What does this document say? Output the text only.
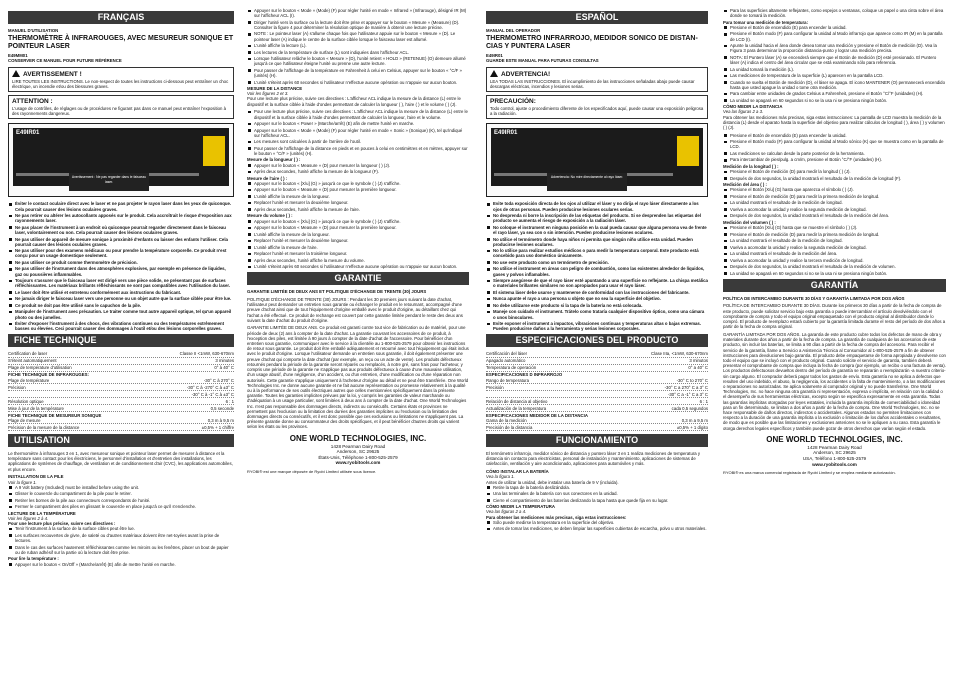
FRANÇAIS
MANUEL D'UTILISATION
THERMOMÈTRE À INFRAROUGES, AVEC MESUREUR SONIQUE ET POINTEUR LASER
E49MM01
CONSERVER CE MANUEL POUR FUTURE RÉFÉRENCE
AVERTISSEMENT !
LIRE TOUTES LES INSTRUCTIONS. Le non-respect de toutes les instructions ci-dessous peut entraîner un choc électrique, un incendie et/ou des blessures graves.
ATTENTION :
L'usage de contrôles, de réglages ou de procédures ne figurant pas dans ce manuel peut entraîner l'exposition à des rayonnements dangereux.
E49IR01
Avertissement : Ne pas regarder dans le faisceau laser.
Éviter le contact oculaire direct avec le laser et ne pas projeter le rayon laser dans les yeux de quiconque. Cela pourrait causer des lésions oculaires graves.
Ne pas retirer ou altérer les autocollants apposés sur le produit. Cela accroîtrait le risque d'exposition aux rayonnements laser.
Ne pas placer de l'instrument à un endroit où quiconque pourrait regarder directement dans le faisceau laser, volontairement ou non. Cela pourrait causer des lésions oculaires graves.
Ne pas utiliser de appareil de mesure sonique à proximité d'enfants ou laisser des enfants l'utiliser. Cela pourrait causer des lésions oculaires graves.
Ne pas utiliser pour des examens médicaux ou pour prendre la température corporelle. Ce produit n'est conçu pour un usage domestique seulement.
Ne pas utiliser ce produit comme thermomètre de précision.
Ne pas utiliser de l'instrument dans des atmosphères explosives, par exemple en présence de liquides, gaz ou poussières inflammables.
Toujours s'assurer que le faisceau laser est dirigé vers une pièce solide, ne présentant pas de surfaces réfléchissantes. Les matériaux brillants réfléchissants ne sont pas compatibles avec l'utilisation du laser.
Le laser doit être utilisé et entretenu conformément aux instructions du fabricant.
Ne jamais diriger le faisceau laser vers une personne ou un objet autre que la surface ciblée pour être lue.
Ce produit ne doit pas être utilisé sans le capuchon de la pile.
Manipuler de l'instrument avec précaution. Le traiter comme tout autre appareil optique, tel qu'un appareil photo ou des jumelles.
Éviter d'exposer l'instrument à des chocs, des vibrations continues ou des températures extrêmement basses ou élevées. Ceci pourrait causer des dommages à l'outil et/ou des lésions corporelles graves.
FICHE TECHNIQUE
Certification de laser	Classe II <1mW, 630-670nm
S'éteint automatiquement	3 minutes
Plage de température d'utilisation	0° à 40° C
FICHE TECHNIQUE DE INFRAROUGES:
Plage de température	-30° C à 270° C
Précision	-30° C à -270° C à ±3° C
-30° C à -1° C à ±3° C
Résolution optique	6 : 1
Mise à jour de la température	0,5 seconde
FICHE TECHNIQUE DE MESUREUR SONIQUE
Plage de mesure	0,3 m à 9,5 m
Précision de la mesure de la distance	±0,5% + 1 chiffre
UTILISATION
Le thermomètre à infrarouges 3 en 1, avec mesureur sonique et pointeur laser permet de mesurer à distance et la température sans contact pour les électriciens, le personnel d'installation et d'entretien des installations, les applications de systèmes de chauffage, de ventilation et de conditionnement d'air (CVC), les applications automobiles, et plus encore.
INSTALLATION DE LA PILE
Voir la figure 1.
A 9 Volt battery (Included) must be installed before using the unit.
Glisser le couvercle du compartiment de la pile pour le retirer.
Retirer les bornes de la pile aux connecteurs correspondants de l'unité.
Fermer le compartiment des piles en glissant le couvercle en place jusqu'à ce qu'il s'enclenche.
LECTURE DE LA TEMPÉRATURE
Voir les figures 2 à 4.
Pour une lecture plus précise, suivre ces directives :
Tenir l'instrument à la surface de la surface cibles peut être lue.
Les surfaces recouvertes de givre, de saleté ou d'autres matériaux doivent être net-toyées avant la prise de lectures.
Dans le cas des surfaces hautement réfléchissantes comme les miroirs ou les fenêtres, placer un bout de papier ou de ruban adhésif sur la partie où la lecture doit être prise.
Pour lire la température :
Appuyer sur le bouton « On/Off » (Marche/arrêt) (E) afin de mettre l'unité en marche.
Appuyer sur le bouton « Mode » (Mode) (F) pour régler l'unité en mode « Infrared » (Infrarouge), désigné IR (M) sur l'afficheur ACL (I).
Diriger l'unité vers la surface ou la lecture doit être prise et appuyer sur le bouton « Mesure » (Measure) (D). Consulter la figure 4 pour déterminer la résolution optique de manière à obtenir une lecture précise.
NOTE : Le pointeur laser (A) s'allume chaque fois que l'utilisateur appuie sur le bouton « Mesure » (D). Le pointeur laser (A) indique le centre de la surface ciblée lorsque le faisceau laser est allumé.
L'unité affiche la lecture (L).
Les lectures de la température de surface (L) sont indiquées dans l'afficheur ACL.
Lorsque l'utilisateur relâche le bouton « Mesure » (D), l'unité retient « HOLD » (RETENUE) (O) demeure allumé jusqu'à ce que l'utilisateur éteigne l'unité ou prenne une autre lecture.
Pour passer de l'affichage de la température en Fahrenheit à celui en Celsius, appuyer sur le bouton « °C/F » (unités) (H).
L'unité s'éteint après 60 secondes si l'utilisateur n'effectue aucune opération ou n'appuie sur aucun bouton.
MESURE DE LA DISTANCE
Voir les figures 2 et 3.
Pour une lecture plus précise, suivre ces directives : L'afficheur ACL indique la mesure de la distance (L) entre le dispositif et la surface ciblée à l'aide d'ondes permettant de calculer la longueur ( ), l'aire ( ) et le volume ( ) (J).
Pour une lecture plus précise, suivre ces directives : L'afficheur ACL indique la mesure de la distance (L) entre le dispositif et la surface ciblée à l'aide d'ondes permettant de calculer la longueur, l'aire et le volume.
Appuyer sur le bouton « Power » (Marche/arrêt) (E) afin de mettre l'unité en marche.
Appuyer sur le bouton « Mode » (Mode) (F) pour régler l'unité en mode « Sonic » (Sonique) (K), tel qu'indiqué sur l'afficheur ACL.
Les mesures sont calculées à partir de l'arrière de l'outil.
Pour passer de l'affichage de la distance en pieds et en pouces à celui en centimètres et en mètres, appuyer sur le bouton « °C/F » (unités) (H).
Mesure de la longueur ( ) :
Appuyer sur le bouton « Measure » (D) pour mesurer la longueur ( ) (J).
Après deux secondes, l'unité affiche la mesure de la longueur (F).
Mesure de l'aire ( ) :
Appuyer sur le bouton « [X/u] (G) » jusqu'à ce que le symbole ( ) (J) s'affiche.
Appuyer sur le bouton « Measure » (D) pour mesurer la première longueur.
L'unité affiche la mesure de la longueur.
Replacer l'unité et mesurer la deuxième longueur.
Après deux secondes, l'unité affiche la mesure de l'aire.
Mesure du volume ( ) :
Appuyer sur le bouton « [X/u] (G) » jusqu'à ce que le symbole ( ) (J) s'affiche.
Appuyer sur le bouton « Measure » (D) pour mesurer la première longueur.
L'unité affiche la mesure de la longueur.
Replacer l'unité et mesurer la deuxième longueur.
L'unité affiche la mesure de l'aire.
Replacer l'unité et mesurer la troisième longueur.
Après deux secondes, l'unité affiche la mesure du volume.
L'unité s'éteint après 60 secondes si l'utilisateur n'effectue aucune opération ou n'appuie sur aucun bouton.
GARANTIE
GARANTIE LIMITÉE DE DEUX ANS ET POLITIQUE D'ÉCHANGE DE TRENTE (30) JOURS
POLITIQUE D'ÉCHANGE DE TRENTE (30) JOURS : Pendant les 30 premiers jours suivant la date d'achat, l'utilisateur peut demander un entretien sous garantie ou échanger le produit en le retournant, accompagné d'une preuve d'achat ainsi que de tout l'équipement d'origine emballé avec le produit d'origine, au détaillant chez qui l'achat a été effectué. Ce produit de rechange est couvert par cette garantie limitée pendant le reste des deux ans suivant la date d'achat du produit d'origine.
GARANTIE LIMITÉE DE DEUX ANS. Ce produit est garanti contre tout vice de fabrication ou de matériel, pour une période de deux (2) ans à compter de la date d'achat. La garantie couvrant les accessoires de ce produit, à l'exception des piles, est limitée à 90 jours à compter de la date d'achat de l'accessoire. Pour bénéficier d'un entretien sous garantie, communiquer avec le service à la clientèle au 1-800-525-2579 pour obtenir les instructions de retour sous garantie. Le produit doit être emballé adéquatement et retourné avec tout l'équipement qui était inclus avec le produit d'origine. Lorsque l'utilisateur demande un entretien sous garantie, il doit également présenter une preuve d'achat qui comporte la date d'achat (par exemple, un reçu ou un acte de vente). Les produits défectueux retournés pendant la période de la garantie seront réparés ou remplacés, à notre gré, sans frais pour l'acheteur, y compris une période de la garantie ne s'applique pas aux produits défectueux à cause d'une mauvaise utilisation, d'un usage abusif, d'une négligence, d'un accident, ou d'un entretien, d'une modification ou d'une réparation non autorisés. Cette garantie s'applique uniquement à l'acheteur d'origine au détail et ne peut être transférée. One World Technologies Inc. ne donne aucune garantie et ne fait aucune représentation ou promesse relativement à la qualité ou à la performance de ses outils électriques autres que celles mentionnées spécifiquement dans la présente garantie. Toutes les garanties implicites prévues par la loi, y compris les garanties de valeur marchande ou d'adéquation à un usage particulier, sont limitées à deux ans à compter de la date d'achat. One World Technologies Inc. n'est pas responsable des dommages directs, indirects ou consécutifs. Certains états et provinces ne permettent pas l'exclusion ou la limitation des durées des garanties implicites ou l'exclusion ou la limitation des dommages directs ou consécutifs, et il est donc possible que ces exclusions ou limitations ne s'appliquent pas. La présente garantie donne au consommateur des droits spécifiques, et il peut bénéficier d'autres droits qui varient selon les états ou les provinces.
ONE WORLD TECHNOLOGIES, INC.
1428 Pearman Dairy Road
Anderson, SC 29625
États-Unis, Téléphone 1-800-525-2579
www.ryobitools.com
RYOBI® est une marque déposée de Ryobi Limited utilisée sous licence.
ESPAÑOL
MANUAL DEL OPERADOR
THERMOMETRO INFRARROJO, MEDIDOR SONICO DE DISTAN-CIAS Y PUNTERA LASER
E49IR01
GUARDE ESTE MANUAL PARA FUTURAS CONSULTAS
ADVERTENCIA!
LEA TODAS LAS INSTRUCCIONES. El incumplimiento de las instrucciones señaladas abajo puede causar descargas eléctricas, incendios y lesiones serias.
PRECAUCIÓN:
Todo control, ajuste o procedimiento diferente de los especificados aquí, puede causar una exposición peligrosa a la radiación.
E49IR01
Advertencia: No mire directamente al rayo láser.
Evite toda exposición directa de los ojos al utilizar el láser y no dirija el rayo láser directamente a los ojos de otras personas. Pueden producirse lesiones oculares serias.
No desprenda ni borre la inscripción de las etiquetas del producto. Si se desprenden las etiquetas del producto se aumenta el riesgo de exposición a la radiación láser.
No coloque el instrument en ninguna posición en la cual pueda causar que alguna persona vea de frente el rayo láser, ya sea con o sin intención. Pueden producirse lesiones oculares.
No utilice el termómetro donde haya niños ni permita que ningún niño utilice esta unidad. Pueden producirse lesiones oculares.
No lo utilice para realizar estudios médicos o para medir la temperatura corporal. Este producto está concebido para uso doméstico únicamente.
No use este producto como un termómetro de precisión.
No utilice el instrument en áreas con peligro de combustión, como las existentes alrededor de líquidos, gases y polvos inflamables.
Siempre asegúrese de que el rayo láser esté apuntando a una superficie no reflejante. La chispa metálica o materiales brillantes similares no son apropiados para usar el rayo láser.
El sistema láser debe usarse y mantenerse de conformidad con las instrucciones del fabricante.
Nunca apunte el rayo a una persona u objeto que no sea la superficie del objetivo.
No debe utilizarse este producto si la tapa de la batería no está colocada.
Maneje con cuidado el instrument. Trátelo como trataría cualquier dispositivo óptico, como una cámara o unos binoculares.
Evite exponer el instrument a impactos, vibraciones continuas y temperaturas altas o bajas extremas. Pueden producirse daños a la herramienta y serias lesiones corporales.
ESPECIFICACIONES DEL PRODUCTO
Certificación del láser	Clase IIIa, <1mW, 630-670nm
Apagado automático	3 minutos
Temperatura de operación	0° a 40° C
ESPECIFICACIONES D INFRARROJO
Rango de temperatura	-30° C to 270° C
Precisión	-30° C a 270° C a 3° C
-30° C a -1° C a 3° C
Relación de distancia al objetivo	6 : 1
Actualización de la temperatura	cada 0,5 segundos
ESPECIFICACIONES MEDIDOR DE LA DISTANCIA
Gama de la medición	0,3 m a 9,5 m
Precisión de la distancia	±0,5% + 1 dígito
FUNCIONAMIENTO
El termómetro infrarrojo, medidor sónico de distancia y puntero láser 3 en 1 realiza mediciones de temperatura y distancia sin contacto para electricistas, personal de instalación y mantenimiento, aplicaciones de sistemas de calefacción, ventilación y aire acondicionado, aplicaciones para automóviles y más.
CÓMO INSTALAR LA BATERÍA
Vea la figura 1.
Antes de utilizar la unidad, debe instalar una batería de 9 V (incluida).
Retire la tapa de la batería deslizándola.
Una las terminales de la batería con sus conectores en la unidad.
Cierre el compartimiento de las baterías deslizando la tapa hasta que quede fija en su lugar.
CÓMO MEDIR LA TEMPERATURA
Vea las figuras 2 a 4.
Para obtener las mediciones más precisas, siga estas instrucciones:
Sólo puede medirse la temperatura en la superficie del objetivo.
Antes de tomar las mediciones, se deben limpiar las superficies cubiertas de escarcha, polvo u otros materiales.
Para las superficies altamente reflejantes, como espejos o ventanas, coloque un papel o una cinta sobre el área donde se tomará la medición.
Para tomar una medición de temperatura:
Presione el Botón de encendido (E) para encender la unidad.
Presione el Botón modo (F) para configurar la unidad al Modo infrarrojo que aparece como IR (M) en la pantalla de LCD (I).
Apunte la unidad hacia el área donde desea tomar una medición y presione el Botón de medición (D). Vea la Figura 3 para determinar la proporción distancia-punto y lograr una medición precisa.
NOTA: El Puntero láser (A) se encenderá siempre que el Botón de medición (D) esté presionado. El Puntero láser (A) indica el centro del área circular que se está examinando sólo para referencia.
La unidad tomará la medición (L).
Las mediciones de temperatura de la superficie (L) aparecen en la pantalla LCD.
Cuando se suelta el Botón de medición (D), el láser se apaga. El icono MANTENER (O) permanecerá encendido hasta que usted apague la unidad o tome otra medición.
Para cambiar entre unidades de grados Celsius a Fahrenheit, presione el Botón °C/°F (unidades) (H).
La unidad se apagará en 60 segundos si no se la usa ni se presiona ningún botón.
CÓMO MEDIR LA DISTANCIA
Vea las figuras 2 a 3.
Para obtener las mediciones más precisas, siga estas instrucciones: La pantalla de LCD muestra la medición de la distancia (L) desde el aparato hasta la superficie del objetivo para realizar cálculos de longitud ( ), área ( ) y volumen ( ) (J).
Presione el Botón de encendido (E) para encender la unidad.
Presione el Botón modo (F) para configurar la unidad al Modo sónico (K) que se muestra como en la pantalla de LCD.
Las mediciones se calculan desde la parte posterior de la herramienta.
Para intercambiar de pies/pulg. a cm/m, presione el Botón °C/°F (unidades) (H).
Medición de la longitud ( ) :
Presione el Botón de medición (D) para medir la longitud ( ) (J).
Después de dos segundos, la unidad mostrará el resultado de la medición de longitud (F).
Medición del área ( ) :
Presione el Botón [X/u] (G) hasta que aparezca el símbolo ( ) (J).
Presione el Botón de medición (D) para medir la primera medición de longitud.
La unidad mostrará el resultado de la medición de longitud.
Vuelva a acomodar la unidad y realice la segunda medición de longitud.
Después de dos segundos, la unidad mostrará el resultado de la medición del área.
Medición del volumen ( ) :
Presione el Botón [X/u] (G) hasta que se muestre el símbolo ( ) (J).
Presione el Botón de medición (D) para medir la primera medición de longitud.
La unidad mostrará el resultado de la medición de longitud.
Vuelva a acomodar la unidad y realice la segunda medición de longitud.
La unidad mostrará el resultado de la medición del área.
Vuelva a acomodar la unidad y realice la tercera medición de longitud.
Después de dos segundos, la unidad mostrará el resultado de la medición de volumen.
La unidad se apagará en 60 segundos si no se la usa ni se presiona ningún botón.
GARANTÍA
POLÍTICA DE INTERCAMBIO DURANTE 30 DÍAS Y GARANTÍA LIMITADA POR DOS AÑOS
POLÍTICA DE INTERCAMBIO DURANTE 30 DÍAS. Durante los primeros 30 días a partir de la fecha de compra de este producto, puede solicitar servicio bajo esta garantía o puede intercambiar el artículo devolviéndolo con el comprobante de compra y todo el equipo original empaquetado con el producto original al distribuidor donde lo compró. El producto de reemplazo estará cubierto por la garantía limitada durante el resto del período de dos años a partir de la fecha de compra original.
GARANTÍA LIMITADA POR DOS AÑOS. La garantía de este producto cubre todos los defectos de mano de obra y materiales durante dos años a partir de la fecha de compra. La garantía de cualquiera de los accesorios de este producto, sin incluir las baterías, se limita a 90 días a partir de la fecha de compra del accesorio. Para recibir el servicio de la garantía, llame a Servicio a Asistencia Técnica al Consumidor al 1-800-525-2579 a fin de obtener instrucciones para devoluciones bajo garantía. El producto debe empaquetarse de forma apropiada y devolverse con todo el equipo que se incluyó con el producto original. Cuando solicite el servicio de garantía, también deberá presentar el comprobante de compra que incluya la fecha de compra (por ejemplo, un recibo o una factura de venta). Los productos defectuosos devueltos dentro del período de garantía se repararán o reemplazarán -a nuestro criterio- sin cargo alguno. El comprador deberá pagar todos los gastos de envío. Esta garantía no se aplica a defectos que resulten del uso indebido, el abuso, la negligencia, los accidentes o la falta de mantenimiento, o a las modificaciones o reparaciones no autorizadas. Se aplica solamente al comprador original y no puede transferirse. One World Technologies, Inc. no hace ninguna otra garantía ni representación, expresa o implícita, en relación con la calidad o el desempeño de sus herramientas eléctricas, excepto según se especifica expresamente en esta garantía. Todas las garantías implícitas otorgadas por leyes estatales, incluida la garantía implícita de comerciabilidad o idoneidad para un fin determinado, se limitan a dos años a partir de la fecha de compra. One World Technologies, Inc. no se hace responsable de daños directos, indirectos o accidentales. Algunos estados no permiten limitaciones con respecto a la duración de una garantía implícita o la exclusión o limitación de los daños accidentales o resultantes, de modo que es posible que las limitaciones y exclusiones anteriores no se le apliquen a su caso. Esta garantía le otorga derechos legales específicos y también puede gozar de otros derechos que varían según el estado.
ONE WORLD TECHNOLOGIES, INC.
1428 Pearman Dairy Road
Anderson, SC 29625
USA, Teléfono 1-800-525-2579
www.ryobitools.com
RYOBI® es una marca comercial registrada de Ryobi Limited y se emplea mediante autorización.
